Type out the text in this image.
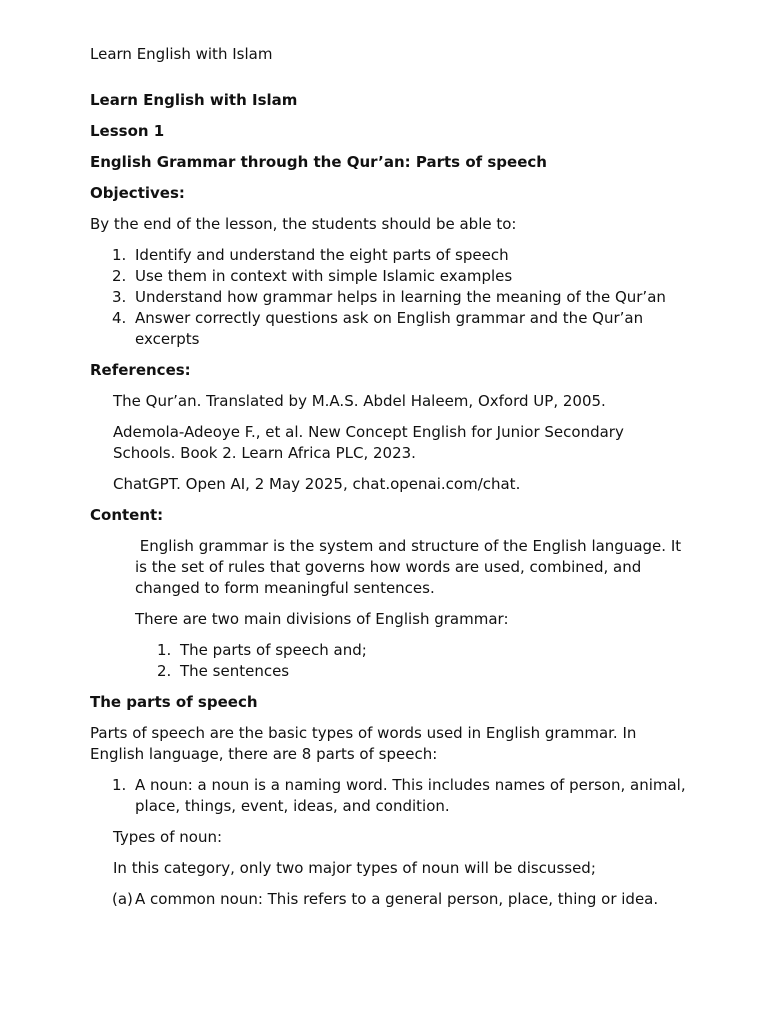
Learn English with Islam

Learn English with Islam

Lesson 1

English Grammar through the Qur’an: Parts of speech

Objectives:

By the end of the lesson, the students should be able to:

1. Identify and understand the eight parts of speech
2. Use them in context with simple Islamic examples
3. Understand how grammar helps in learning the meaning of the Qur’an
4. Answer correctly questions ask on English grammar and the Qur’an excerpts

References:

The Qur’an. Translated by M.A.S. Abdel Haleem, Oxford UP, 2005.

Ademola-Adeoye F., et al. New Concept English for Junior Secondary Schools. Book 2. Learn Africa PLC, 2023.

ChatGPT. Open AI, 2 May 2025, chat.openai.com/chat.

Content:

English grammar is the system and structure of the English language. It is the set of rules that governs how words are used, combined, and changed to form meaningful sentences.

There are two main divisions of English grammar:

1. The parts of speech and;
2. The sentences

The parts of speech

Parts of speech are the basic types of words used in English grammar. In English language, there are 8 parts of speech:

1. A noun: a noun is a naming word. This includes names of person, animal, place, things, event, ideas, and condition.

Types of noun:

In this category, only two major types of noun will be discussed;

(a) A common noun: This refers to a general person, place, thing or idea.
